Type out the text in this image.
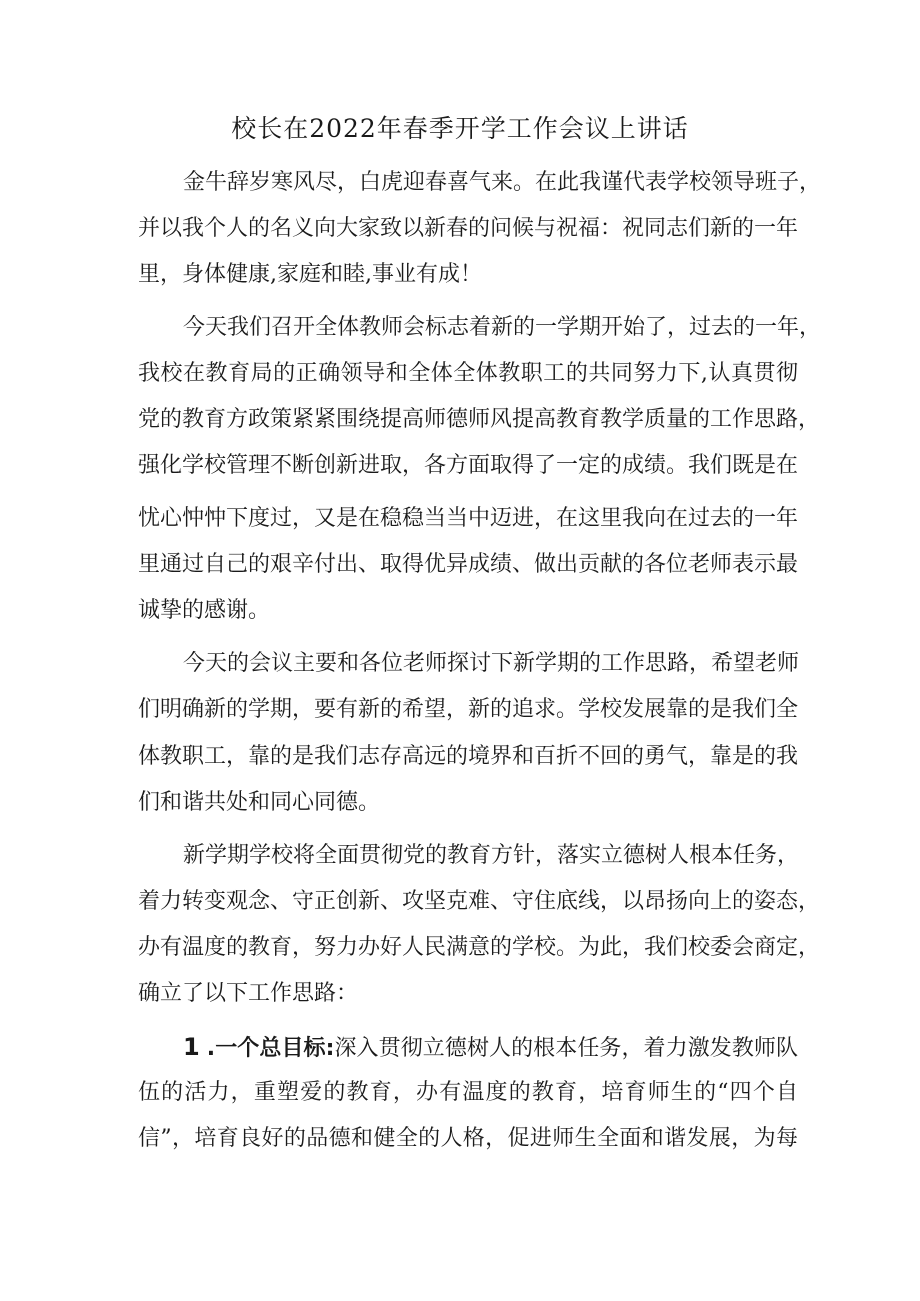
校长在2022年春季开学工作会议上讲话
金牛辞岁寒风尽，白虎迎春喜气来。在此我谨代表学校领导班子，
并以我个人的名义向大家致以新春的问候与祝福：祝同志们新的一年
里，身体健康,家庭和睦,事业有成！
今天我们召开全体教师会标志着新的一学期开始了，过去的一年，
我校在教育局的正确领导和全体全体教职工的共同努力下,认真贯彻
党的教育方政策紧紧围绕提高师德师风提高教育教学质量的工作思路，
强化学校管理不断创新进取，各方面取得了一定的成绩。我们既是在
忧心忡忡下度过，又是在稳稳当当中迈进，在这里我向在过去的一年
里通过自己的艰辛付出、取得优异成绩、做出贡献的各位老师表示最
诚挚的感谢。
今天的会议主要和各位老师探讨下新学期的工作思路，希望老师
们明确新的学期，要有新的希望，新的追求。学校发展靠的是我们全
体教职工，靠的是我们志存高远的境界和百折不回的勇气，靠是的我
们和谐共处和同心同德。
新学期学校将全面贯彻党的教育方针，落实立德树人根本任务，
着力转变观念、守正创新、攻坚克难、守住底线，以昂扬向上的姿态，
办有温度的教育，努力办好人民满意的学校。为此，我们校委会商定，
确立了以下工作思路：
1 .一个总目标:深入贯彻立德树人的根本任务，着力激发教师队
伍的活力，重塑爱的教育，办有温度的教育，培育师生的“四个自
信”，培育良好的品德和健全的人格，促进师生全面和谐发展，为每
